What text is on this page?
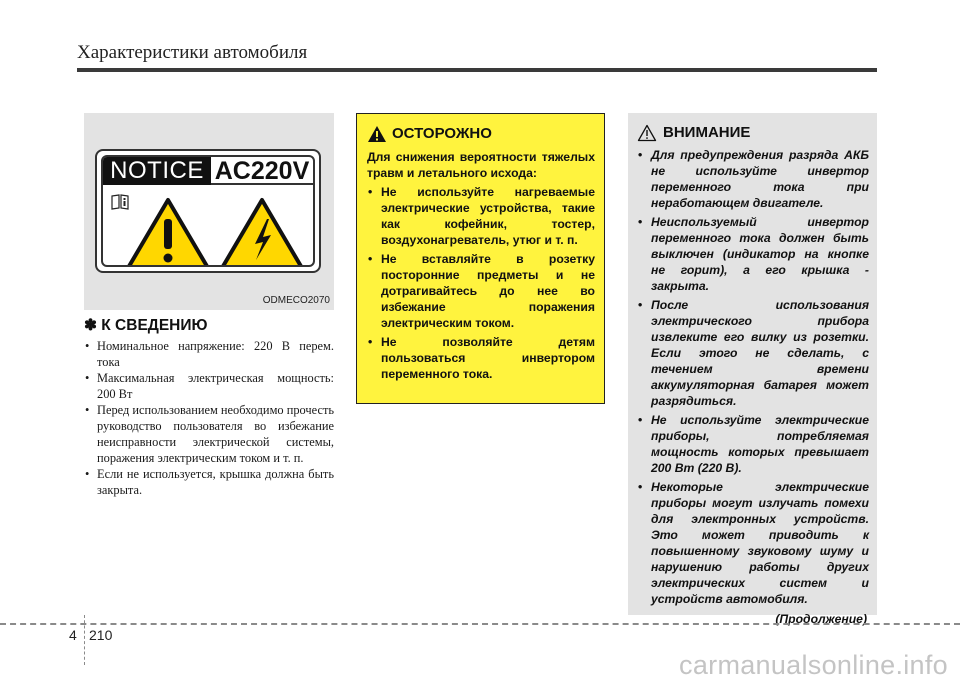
Характеристики автомобиля
NOTICE AC220V
ODMECO2070
✽ К СВЕДЕНИЮ
• Номинальное напряжение: 220 В перем. тока
• Максимальная электрическая мощность: 200 Вт
• Перед использованием необходимо прочесть руководство пользователя во избежание неисправности электрической системы, поражения электрическим током и т. п.
• Если не используется, крышка должна быть закрыта.
ОСТОРОЖНО
Для снижения вероятности тяжелых травм и летального исхода:
• Не используйте нагреваемые электрические устройства, такие как кофейник, тостер, воздухонагреватель, утюг и т. п.
• Не вставляйте в розетку посторонние предметы и не дотрагивайтесь до нее во избежание поражения электрическим током.
• Не позволяйте детям пользоваться инвертором переменного тока.
ВНИМАНИЕ
• Для предупреждения разряда АКБ не используйте инвертор переменного тока при неработающем двигателе.
• Неиспользуемый инвертор переменного тока должен быть выключен (индикатор на кнопке не горит), а его крышка - закрыта.
• После использования электрического прибора извлеките его вилку из розетки. Если этого не сделать, с течением времени аккумуляторная батарея может разрядиться.
• Не используйте электрические приборы, потребляемая мощность которых превышает 200 Вт (220 В).
• Некоторые электрические приборы могут излучать помехи для электронных устройств. Это может приводить к повышенному звуковому шуму и нарушению работы других электрических систем и устройств автомобиля.
(Продолжение)
4 210
carmanualsonline.info
